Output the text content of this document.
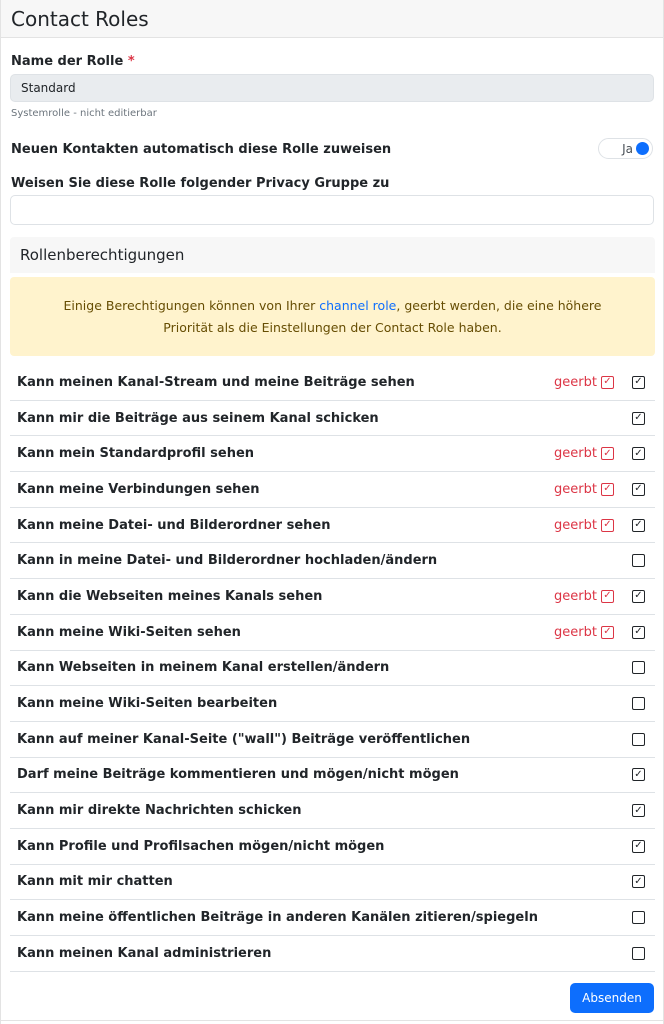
Contact Roles
Name der Rolle *
Standard
Systemrolle - nicht editierbar
Neuen Kontakten automatisch diese Rolle zuweisen	Ja
Weisen Sie diese Rolle folgender Privacy Gruppe zu
Rollenberechtigungen
Einige Berechtigungen können von Ihrer channel role, geerbt werden, die eine höhere
Priorität als die Einstellungen der Contact Role haben.
Kann meinen Kanal-Stream und meine Beiträge sehen	geerbt ✓ ✓
Kann mir die Beiträge aus seinem Kanal schicken	✓
Kann mein Standardprofil sehen	geerbt ✓ ✓
Kann meine Verbindungen sehen	geerbt ✓ ✓
Kann meine Datei- und Bilderordner sehen	geerbt ✓ ✓
Kann in meine Datei- und Bilderordner hochladen/ändern
Kann die Webseiten meines Kanals sehen	geerbt ✓ ✓
Kann meine Wiki-Seiten sehen	geerbt ✓ ✓
Kann Webseiten in meinem Kanal erstellen/ändern
Kann meine Wiki-Seiten bearbeiten
Kann auf meiner Kanal-Seite ("wall") Beiträge veröffentlichen
Darf meine Beiträge kommentieren und mögen/nicht mögen	✓
Kann mir direkte Nachrichten schicken	✓
Kann Profile und Profilsachen mögen/nicht mögen	✓
Kann mit mir chatten	✓
Kann meine öffentlichen Beiträge in anderen Kanälen zitieren/spiegeln
Kann meinen Kanal administrieren
Absenden
